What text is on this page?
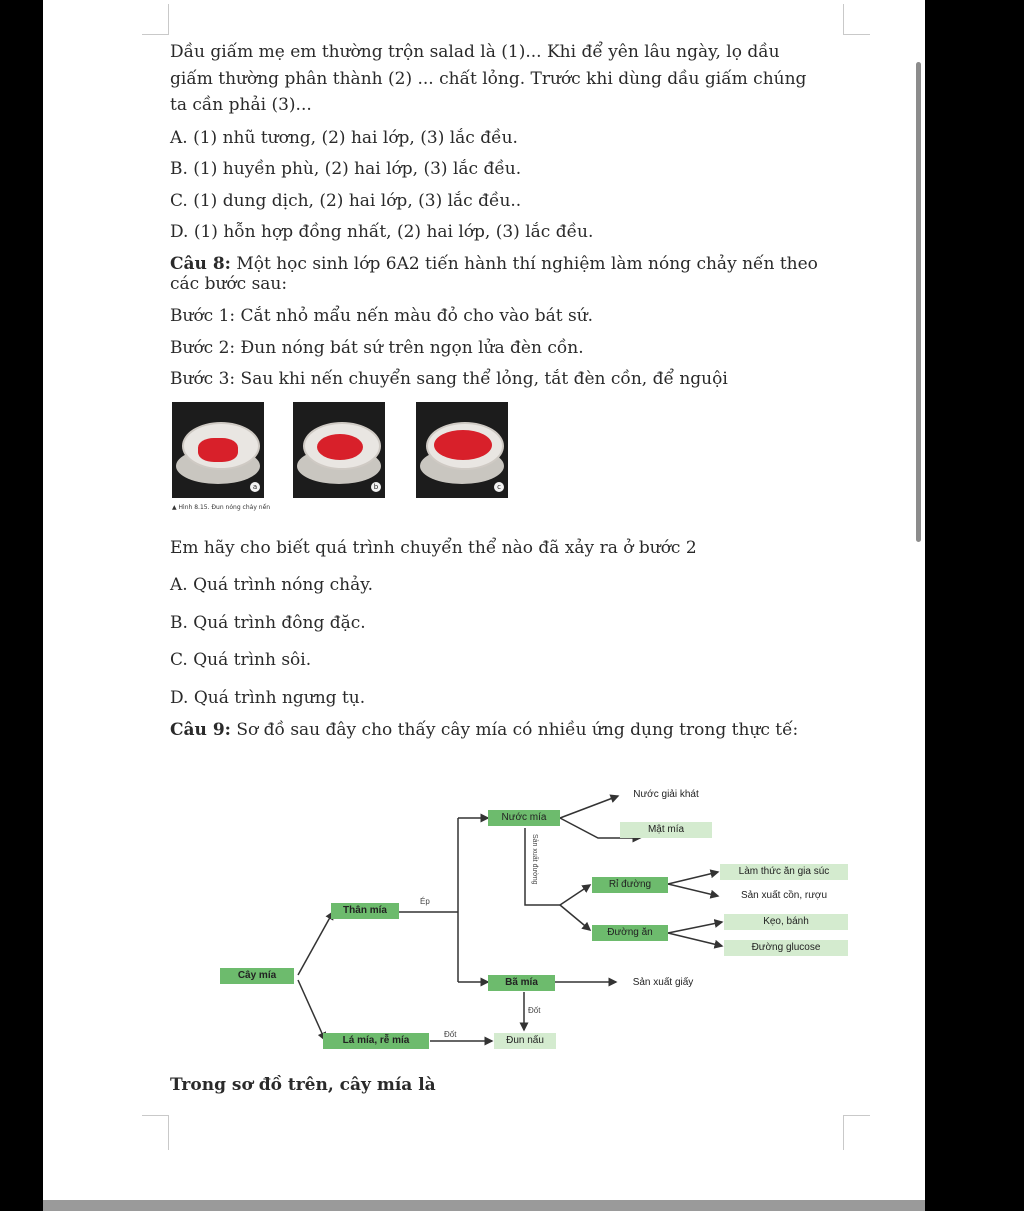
Dầu giấm mẹ em thường trộn salad là (1)... Khi để yên lâu ngày, lọ dầu
giấm thường phân thành (2) ... chất lỏng. Trước khi dùng dầu giấm chúng
ta cần phải (3)...
A. (1) nhũ tương, (2) hai lớp, (3) lắc đều.
B. (1) huyền phù, (2) hai lớp, (3) lắc đều.
C. (1) dung dịch, (2) hai lớp, (3) lắc đều..
D. (1) hỗn hợp đồng nhất, (2) hai lớp, (3) lắc đều.
Câu 8: Một học sinh lớp 6A2 tiến hành thí nghiệm làm nóng chảy nến theo
các bước sau:
Bước 1: Cắt nhỏ mẩu nến màu đỏ cho vào bát sứ.
Bước 2: Đun nóng bát sứ trên ngọn lửa đèn cồn.
Bước 3: Sau khi nến chuyển sang thể lỏng, tắt đèn cồn, để nguội
a	b	c
▲ Hình 8.15. Đun nóng chảy nến
Em hãy cho biết quá trình chuyển thể nào đã xảy ra ở bước 2
A. Quá trình nóng chảy.
B. Quá trình đông đặc.
C. Quá trình sôi.
D. Quá trình ngưng tụ.
Câu 9: Sơ đồ sau đây cho thấy cây mía có nhiều ứng dụng trong thực tế:
Cây mía
Thân mía
Lá mía, rễ mía
Nước mía
Bã mía
Rỉ đường
Đường ăn
Nước giải khát
Mật mía
Làm thức ăn gia súc
Sản xuất cồn, rượu
Kẹo, bánh
Đường glucose
Sản xuất giấy
Đun nấu
Ép
Đốt
Đốt
Sản xuất đường
Trong sơ đồ trên, cây mía là
